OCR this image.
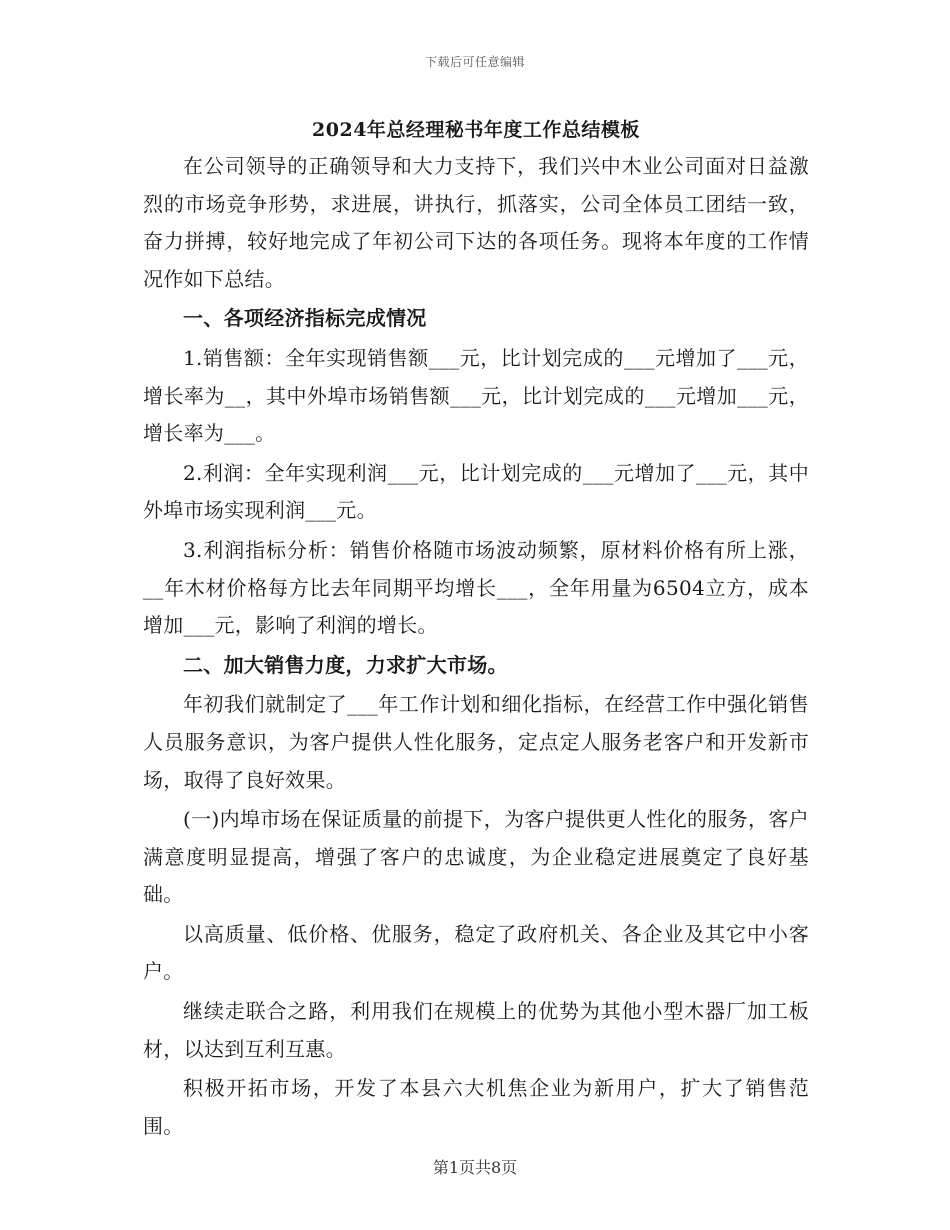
下载后可任意编辑
2024年总经理秘书年度工作总结模板

在公司领导的正确领导和大力支持下，我们兴中木业公司面对日益激烈的市场竞争形势，求进展，讲执行，抓落实，公司全体员工团结一致，奋力拼搏，较好地完成了年初公司下达的各项任务。现将本年度的工作情况作如下总结。

一、各项经济指标完成情况

1.销售额：全年实现销售额___元，比计划完成的___元增加了___元，增长率为__，其中外埠市场销售额___元，比计划完成的___元增加___元，增长率为___。

2.利润：全年实现利润___元，比计划完成的___元增加了___元，其中外埠市场实现利润___元。

3.利润指标分析：销售价格随市场波动频繁，原材料价格有所上涨，__年木材价格每方比去年同期平均增长___，全年用量为6504立方，成本增加___元，影响了利润的增长。

二、加大销售力度，力求扩大市场。

年初我们就制定了___年工作计划和细化指标，在经营工作中强化销售人员服务意识，为客户提供人性化服务，定点定人服务老客户和开发新市场，取得了良好效果。

(一)内埠市场在保证质量的前提下，为客户提供更人性化的服务，客户满意度明显提高，增强了客户的忠诚度，为企业稳定进展奠定了良好基础。

以高质量、低价格、优服务，稳定了政府机关、各企业及其它中小客户。

继续走联合之路，利用我们在规模上的优势为其他小型木器厂加工板材，以达到互利互惠。

积极开拓市场，开发了本县六大机焦企业为新用户，扩大了销售范围。

第1页共8页
